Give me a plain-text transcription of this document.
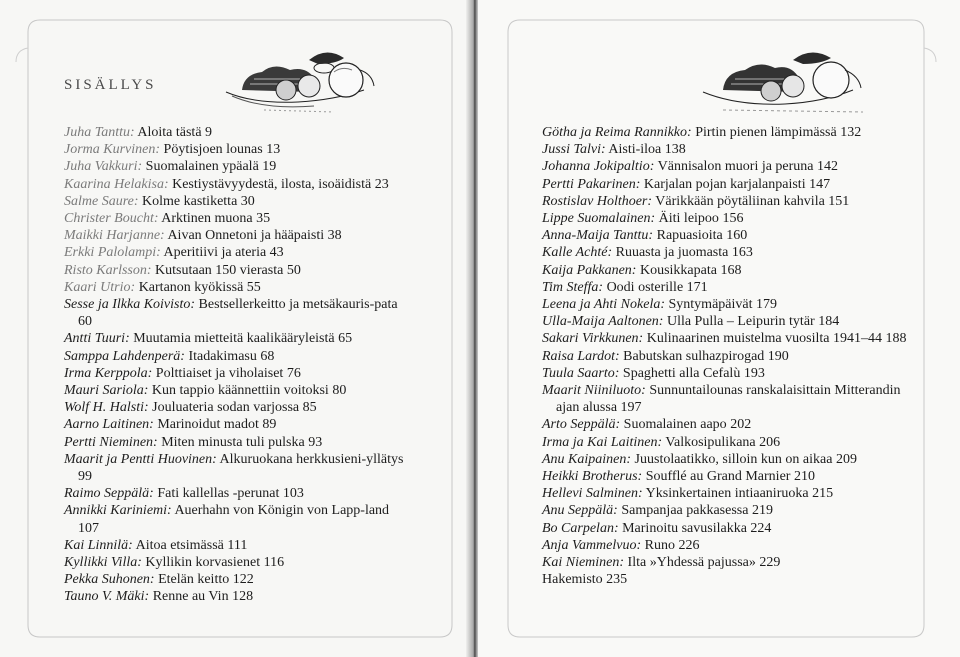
SISÄLLYS
Juha Tanttu: Aloita tästä 9
Jorma Kurvinen: Pöytisjoen lounas 13
Juha Vakkuri: Suomalainen ypäalä 19
Kaarina Helakisa: Kestiystävyydestä, ilosta, isoäidistä 23
Salme Saure: Kolme kastiketta 30
Christer Boucht: Arktinen muona 35
Maikki Harjanne: Aivan Onnetoni ja hääpaisti 38
Erkki Palolampi: Aperitiivi ja ateria 43
Risto Karlsson: Kutsutaan 150 vierasta 50
Kaari Utrio: Kartanon kyökissä 55
Sesse ja Ilkka Koivisto: Bestsellerkeitto ja metsäkauris-pata 60
Antti Tuuri: Muutamia mietteitä kaalikääryleistä 65
Samppa Lahdenperä: Itadakimasu 68
Irma Kerppola: Polttiaiset ja viholaiset 76
Mauri Sariola: Kun tappio käännettiin voitoksi 80
Wolf H. Halsti: Jouluateria sodan varjossa 85
Aarno Laitinen: Marinoidut madot 89
Pertti Nieminen: Miten minusta tuli pulska 93
Maarit ja Pentti Huovinen: Alkuruokana herkkusieni-yllätys 99
Raimo Seppälä: Fati kallellas -perunat 103
Annikki Kariniemi: Auerhahn von Königin von Lapp-land 107
Kai Linnilä: Aitoa etsimässä 111
Kyllikki Villa: Kyllikin korvasienet 116
Pekka Suhonen: Etelän keitto 122
Tauno V. Mäki: Renne au Vin 128
Götha ja Reima Rannikko: Pirtin pienen lämpimässä 132
Jussi Talvi: Aisti-iloa 138
Johanna Jokipaltio: Vännisalon muori ja peruna 142
Pertti Pakarinen: Karjalan pojan karjalanpaisti 147
Rostislav Holthoer: Värikkään pöytäliinan kahvila 151
Lippe Suomalainen: Äiti leipoo 156
Anna-Maija Tanttu: Rapuasioita 160
Kalle Achté: Ruuasta ja juomasta 163
Kaija Pakkanen: Kousikkapata 168
Tim Steffa: Oodi osterille 171
Leena ja Ahti Nokela: Syntymäpäivät 179
Ulla-Maija Aaltonen: Ulla Pulla – Leipurin tytär 184
Sakari Virkkunen: Kulinaarinen muistelma vuosilta 1941–44 188
Raisa Lardot: Babutskan sulhazpirogad 190
Tuula Saarto: Spaghetti alla Cefalù 193
Maarit Niiniluoto: Sunnuntailounas ranskalaisittain Mitterandin ajan alussa 197
Arto Seppälä: Suomalainen aapo 202
Irma ja Kai Laitinen: Valkosipulikana 206
Anu Kaipainen: Juustolaatikko, silloin kun on aikaa 209
Heikki Brotherus: Soufflé au Grand Marnier 210
Hellevi Salminen: Yksinkertainen intiaaniruoka 215
Anu Seppälä: Sampanjaa pakkasessa 219
Bo Carpelan: Marinoitu savusilakka 224
Anja Vammelvuo: Runo 226
Kai Nieminen: Ilta »Yhdessä pajussa» 229
Hakemisto 235
